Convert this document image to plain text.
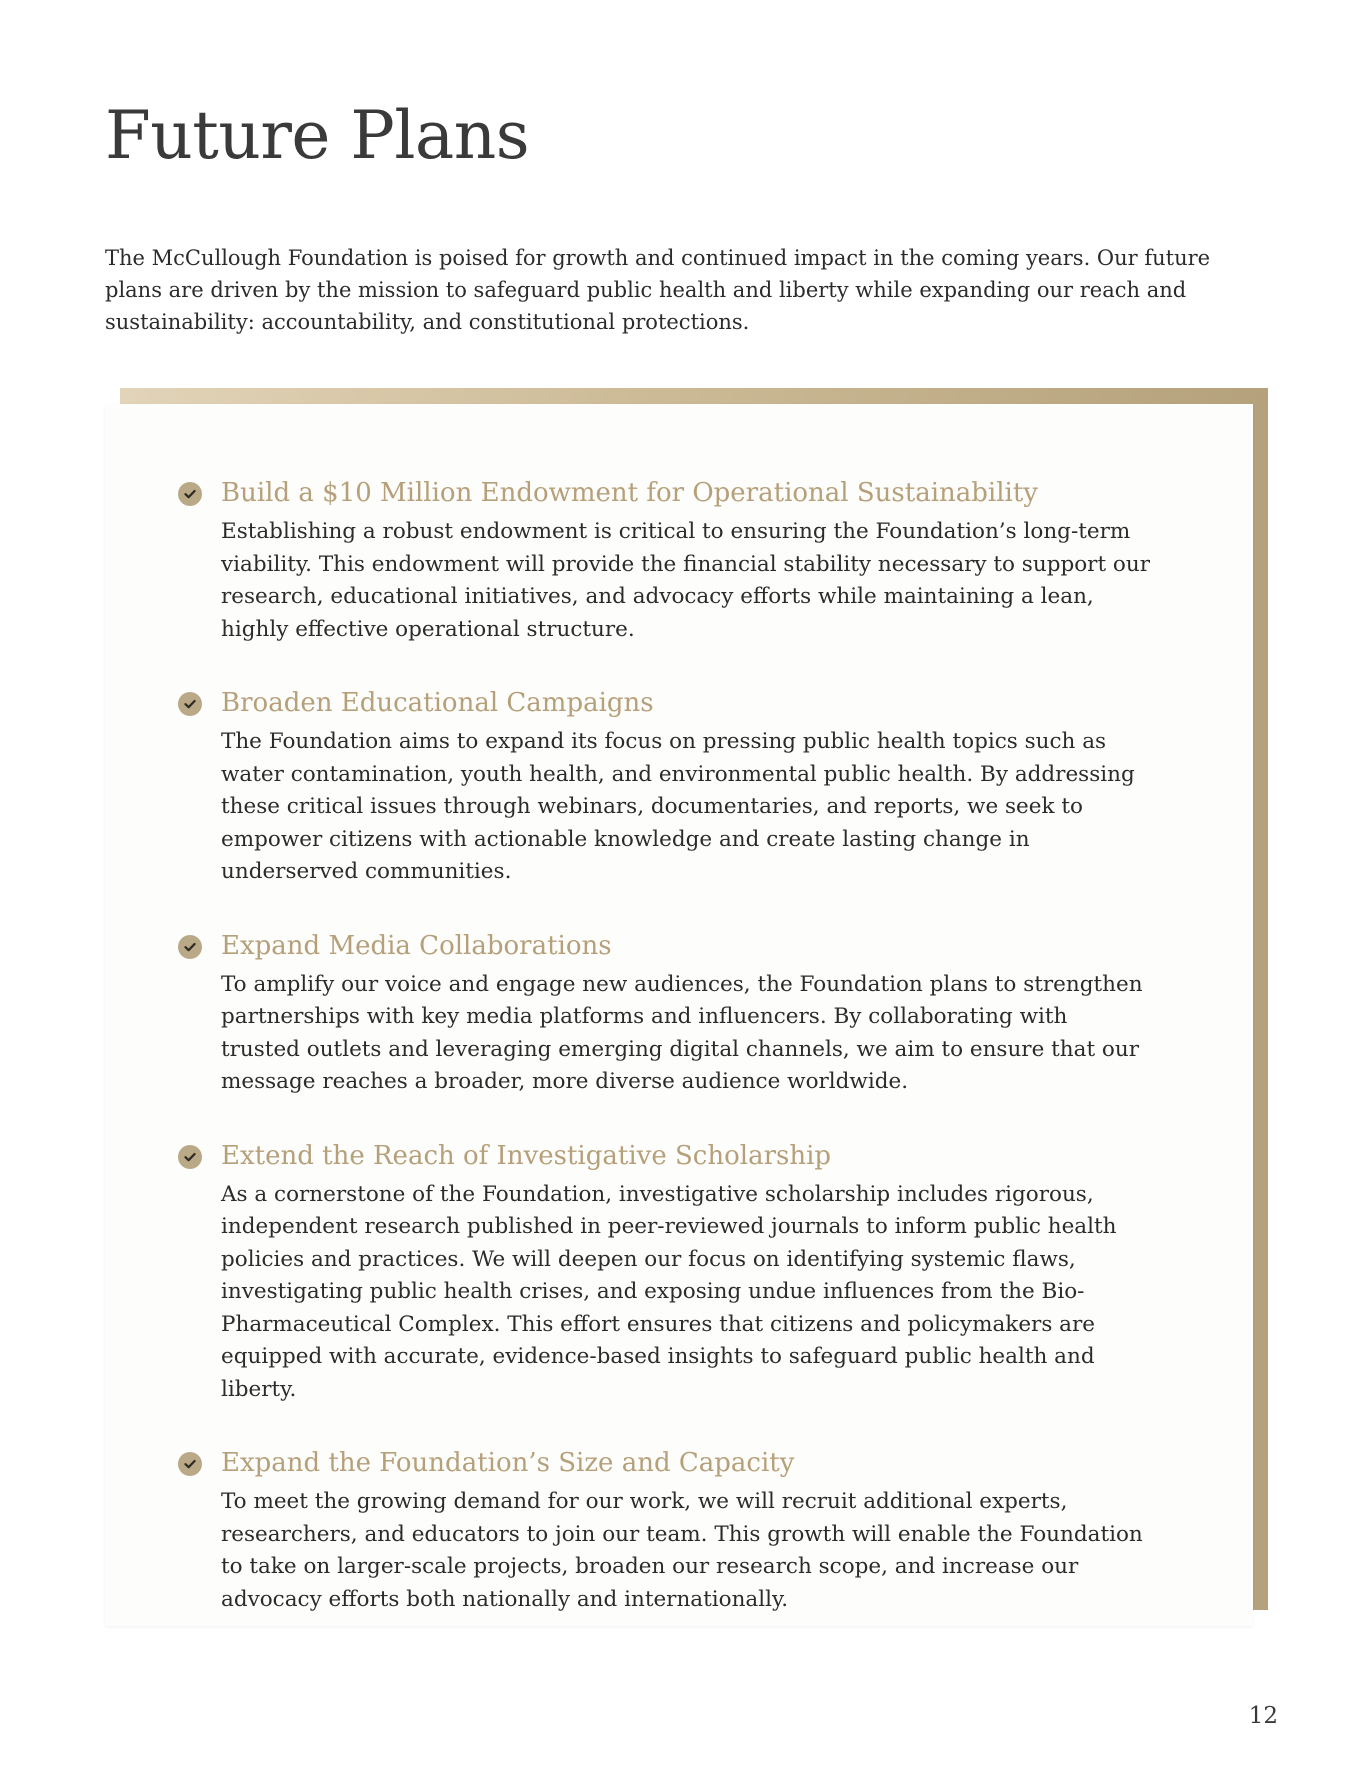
Future Plans

The McCullough Foundation is poised for growth and continued impact in the coming years. Our future plans are driven by the mission to safeguard public health and liberty while expanding our reach and sustainability: accountability, and constitutional protections.

Build a $10 Million Endowment for Operational Sustainability

Establishing a robust endowment is critical to ensuring the Foundation’s long-term viability. This endowment will provide the financial stability necessary to support our research, educational initiatives, and advocacy efforts while maintaining a lean, highly effective operational structure.

Broaden Educational Campaigns

The Foundation aims to expand its focus on pressing public health topics such as water contamination, youth health, and environmental public health. By addressing these critical issues through webinars, documentaries, and reports, we seek to empower citizens with actionable knowledge and create lasting change in underserved communities.

Expand Media Collaborations

To amplify our voice and engage new audiences, the Foundation plans to strengthen partnerships with key media platforms and influencers. By collaborating with trusted outlets and leveraging emerging digital channels, we aim to ensure that our message reaches a broader, more diverse audience worldwide.

Extend the Reach of Investigative Scholarship

As a cornerstone of the Foundation, investigative scholarship includes rigorous, independent research published in peer-reviewed journals to inform public health policies and practices. We will deepen our focus on identifying systemic flaws, investigating public health crises, and exposing undue influences from the Bio-Pharmaceutical Complex. This effort ensures that citizens and policymakers are equipped with accurate, evidence-based insights to safeguard public health and liberty.

Expand the Foundation’s Size and Capacity

To meet the growing demand for our work, we will recruit additional experts, researchers, and educators to join our team. This growth will enable the Foundation to take on larger-scale projects, broaden our research scope, and increase our advocacy efforts both nationally and internationally.

12
